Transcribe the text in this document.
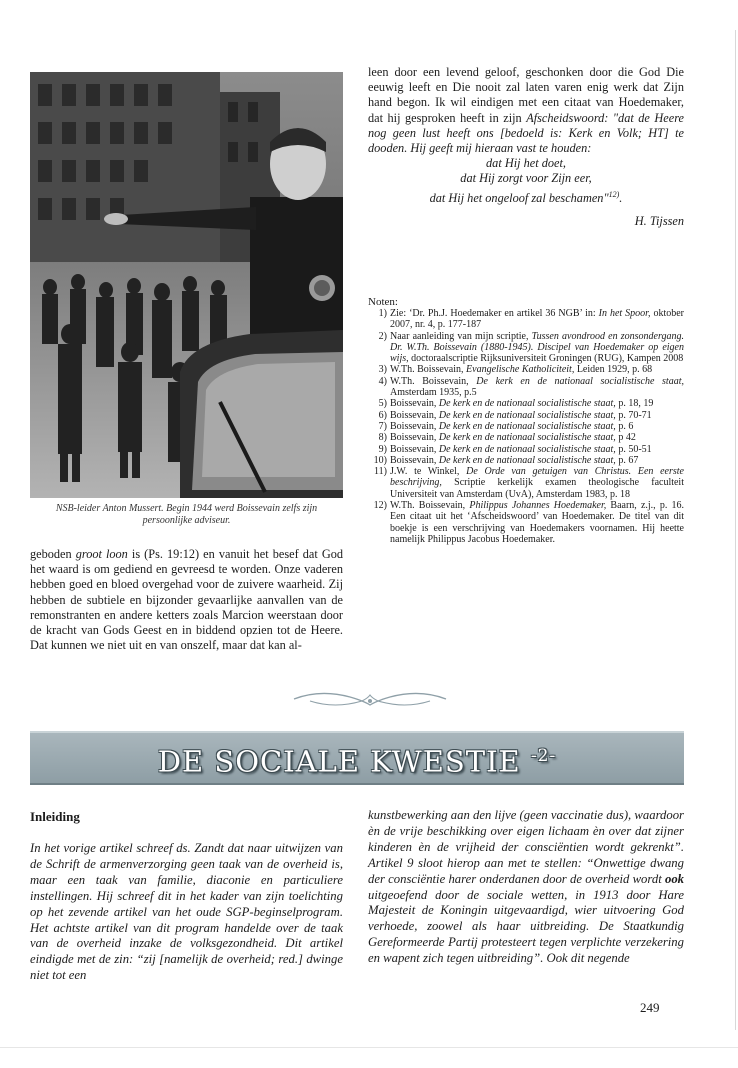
NSB-leider Anton Mussert. Begin 1944 werd Boissevain zelfs zijn
persoonlijke adviseur.
geboden groot loon is (Ps. 19:12) en vanuit het besef dat God het waard is om gediend en gevreesd te worden. Onze vaderen hebben goed en bloed overgehad voor de zuivere waarheid. Zij hebben de subtiele en bijzonder gevaarlijke aanvallen van de remonstranten en andere ketters zoals Marcion weerstaan door de kracht van Gods Geest en in biddend opzien tot de Heere. Dat kunnen we niet uit en van onszelf, maar dat kan al-
leen door een levend geloof, geschonken door die God Die eeuwig leeft en Die nooit zal laten varen enig werk dat Zijn hand begon. Ik wil eindigen met een citaat van Hoedemaker, dat hij gesproken heeft in zijn Afscheidswoord: "dat de Heere nog geen lust heeft ons [bedoeld is: Kerk en Volk; HT] te dooden. Hij geeft mij hieraan vast te houden:

dat Hij het doet,

dat Hij zorgt voor Zijn eer,

dat Hij het ongeloof zal beschamen"$^{12)}$.

H. Tijssen
Noten:
1) Zie: ‘Dr. Ph.J. Hoedemaker en artikel 36 NGB’ in: In het Spoor, oktober 2007, nr. 4, p. 177-187
2) Naar aanleiding van mijn scriptie, Tussen avondrood en zonsondergang. Dr. W.Th. Boissevain (1880-1945). Discipel van Hoedemaker op eigen wijs, doctoraalscriptie Rijksuniversiteit Groningen (RUG), Kampen 2008
3) W.Th. Boissevain, Evangelische Katholiciteit, Leiden 1929, p. 68
4) W.Th. Boissevain, De kerk en de nationaal socialistische staat, Amsterdam 1935, p.5
5) Boissevain, De kerk en de nationaal socialistische staat, p. 18, 19
6) Boissevain, De kerk en de nationaal socialistische staat, p. 70-71
7) Boissevain, De kerk en de nationaal socialistische staat, p. 6
8) Boissevain, De kerk en de nationaal socialistische staat, p 42
9) Boissevain, De kerk en de nationaal socialistische staat, p. 50-51
10) Boissevain, De kerk en de nationaal socialistische staat, p. 67
11) J.W. te Winkel, De Orde van getuigen van Christus. Een eerste beschrijving, Scriptie kerkelijk examen theologische faculteit Universiteit van Amsterdam (UvA), Amsterdam 1983, p. 18
12) W.Th. Boissevain, Philippus Johannes Hoedemaker, Baarn, z.j., p. 16. Een citaat uit het ‘Afscheidswoord’ van Hoedemaker. De titel van dit boekje is een verschrijving van Hoedemakers voornamen. Hij heette namelijk Philippus Jacobus Hoedemaker.
DE SOCIALE KWESTIE $^{-2-}$
Inleiding
In het vorige artikel schreef ds. Zandt dat naar uitwijzen van de Schrift de armenverzorging geen taak van de overheid is, maar een taak van familie, diaconie en particuliere instellingen. Hij schreef dit in het kader van zijn toelichting op het zevende artikel van het oude SGP-beginselprogram. Het achtste artikel van dit program handelde over de taak van de overheid inzake de volksgezondheid. Dit artikel eindigde met de zin: “zij [namelijk de overheid; red.] dwinge niet tot een
kunstbewerking aan den lijve (geen vaccinatie dus), waardoor èn de vrije beschikking over eigen lichaam èn over dat zijner kinderen èn de vrijheid der consciëntien wordt gekrenkt”. Artikel 9 sloot hierop aan met te stellen: “Onwettige dwang der consciëntie harer onderdanen door de overheid wordt ook uitgeoefend door de sociale wetten, in 1913 door Hare Majesteit de Koningin uitgevaardigd, wier uitvoering God verhoede, zoowel als haar uitbreiding. De Staatkundig Gereformeerde Partij protesteert tegen verplichte verzekering en wapent zich tegen uitbreiding”. Ook dit negende
249
